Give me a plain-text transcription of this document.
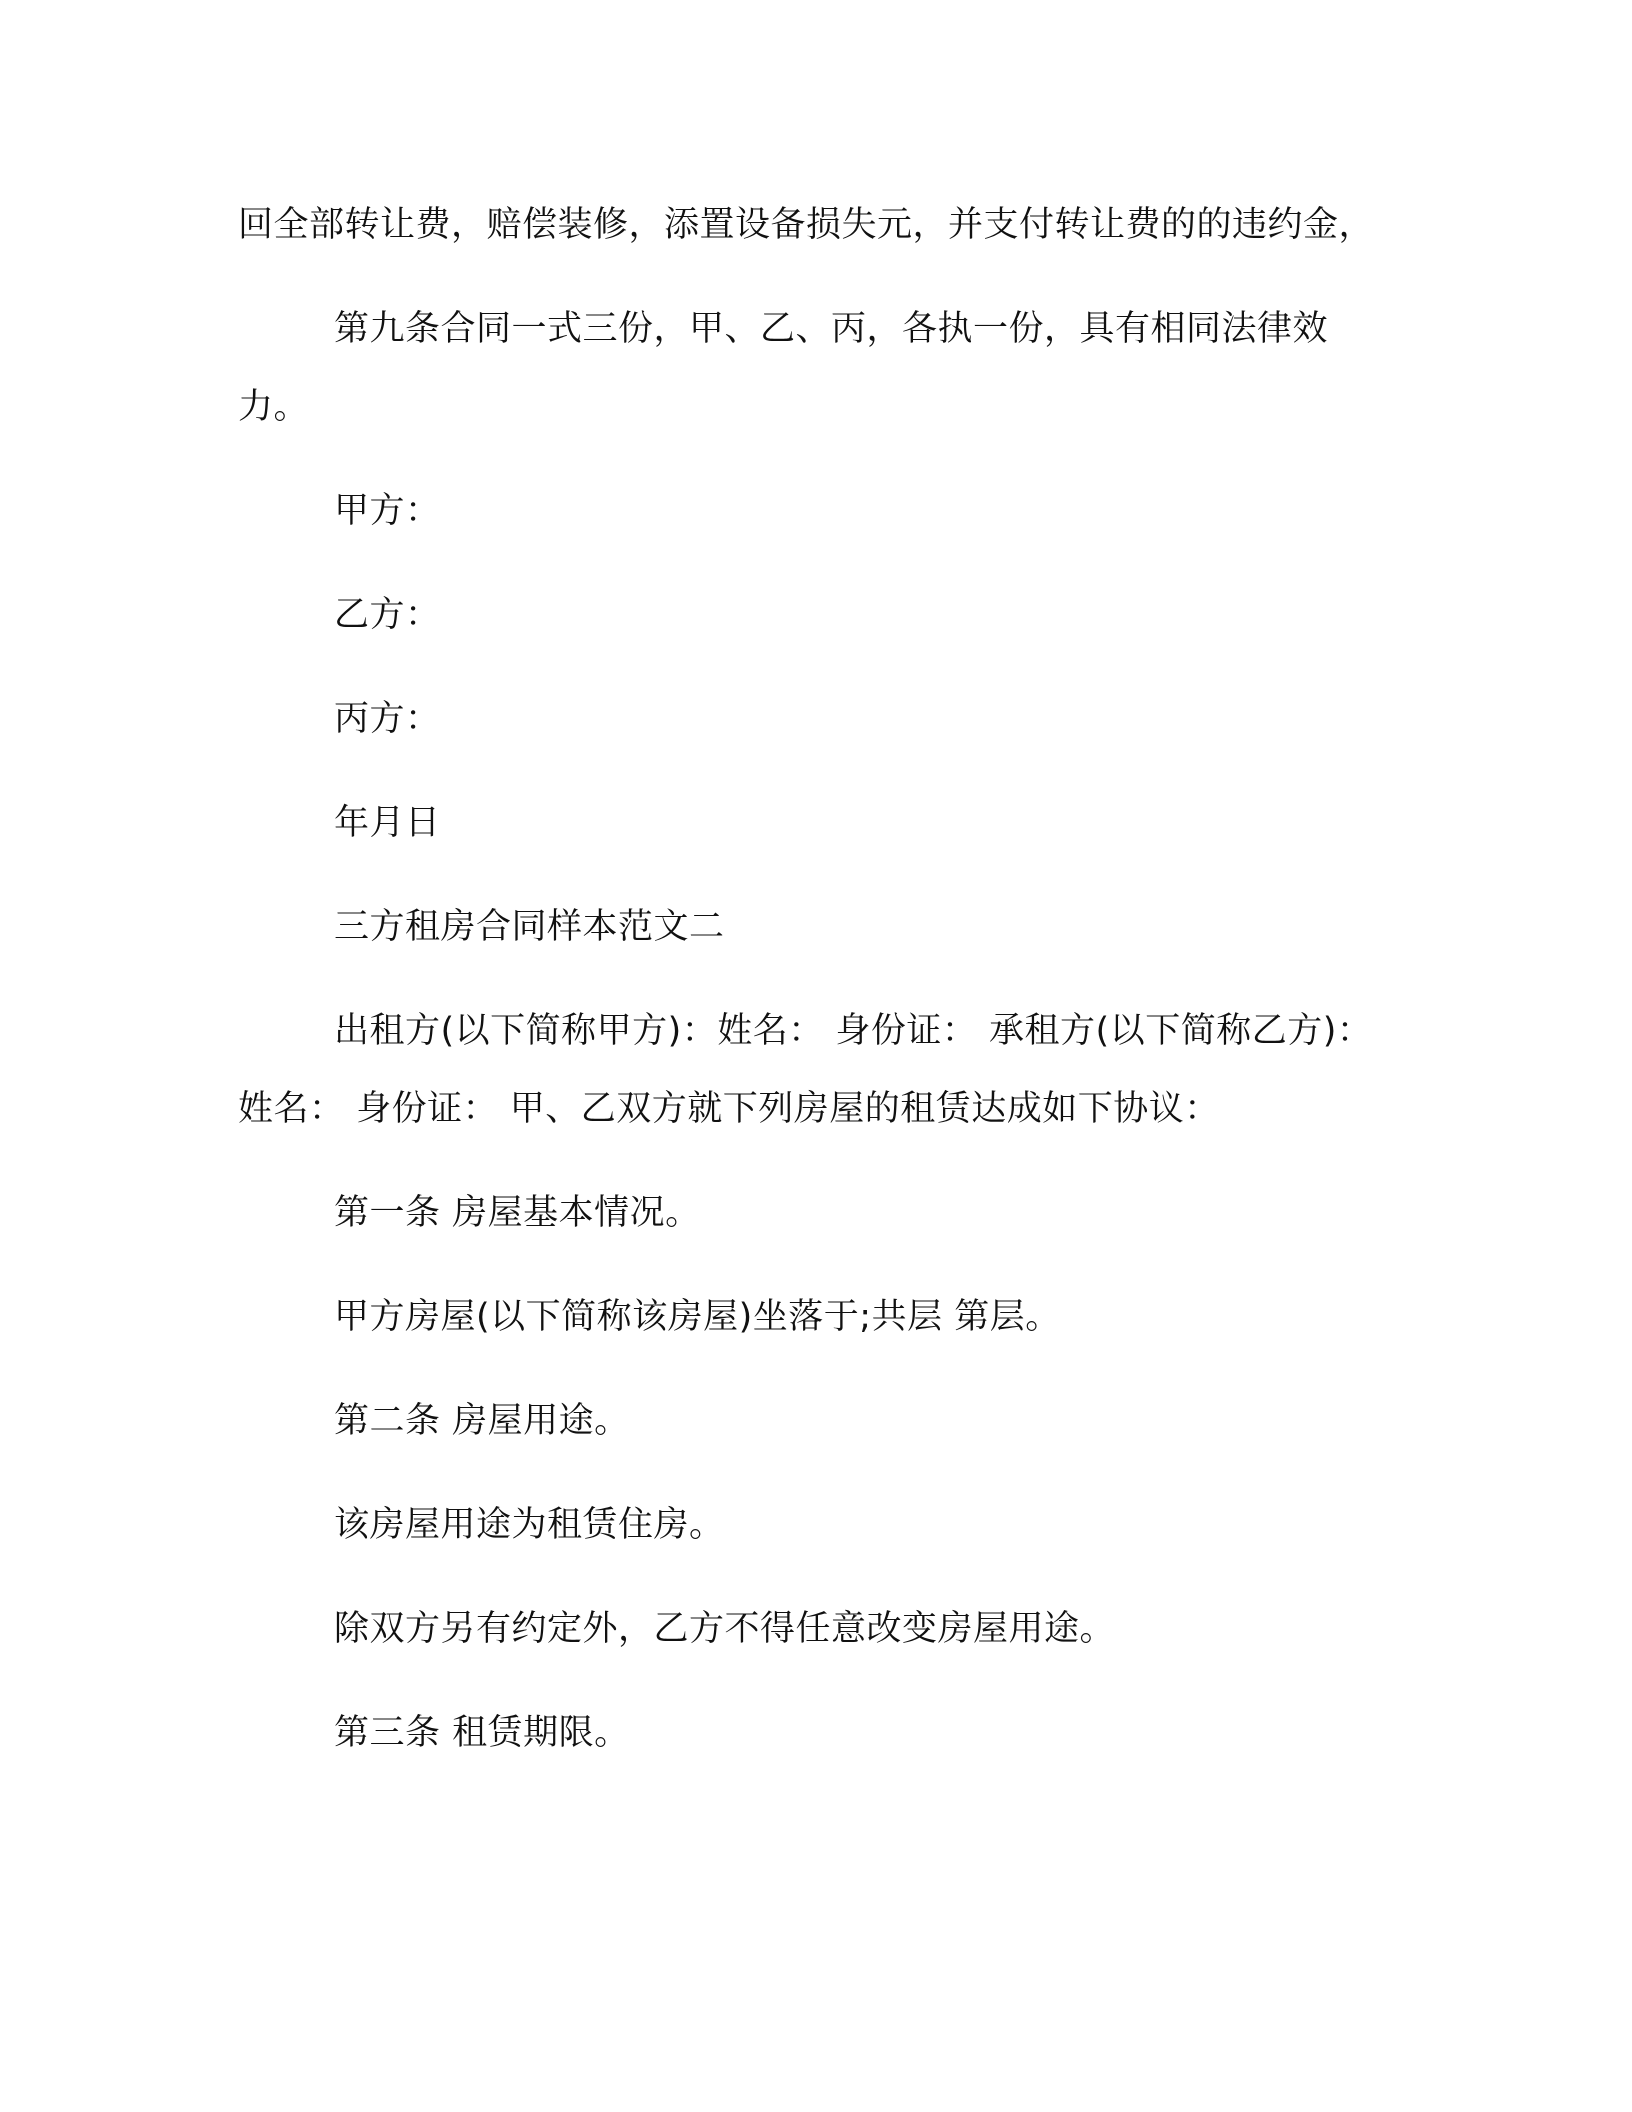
回全部转让费，赔偿装修，添置设备损失元，并支付转让费的的违约金，

第九条合同一式三份，甲、乙、丙，各执一份，具有相同法律效力。

甲方：

乙方：

丙方：

年月日

三方租房合同样本范文二

出租方(以下简称甲方)：姓名： 身份证： 承租方(以下简称乙方)：姓名： 身份证： 甲、乙双方就下列房屋的租赁达成如下协议：

第一条 房屋基本情况。

甲方房屋(以下简称该房屋)坐落于;共层 第层。

第二条 房屋用途。

该房屋用途为租赁住房。

除双方另有约定外，乙方不得任意改变房屋用途。

第三条 租赁期限。
